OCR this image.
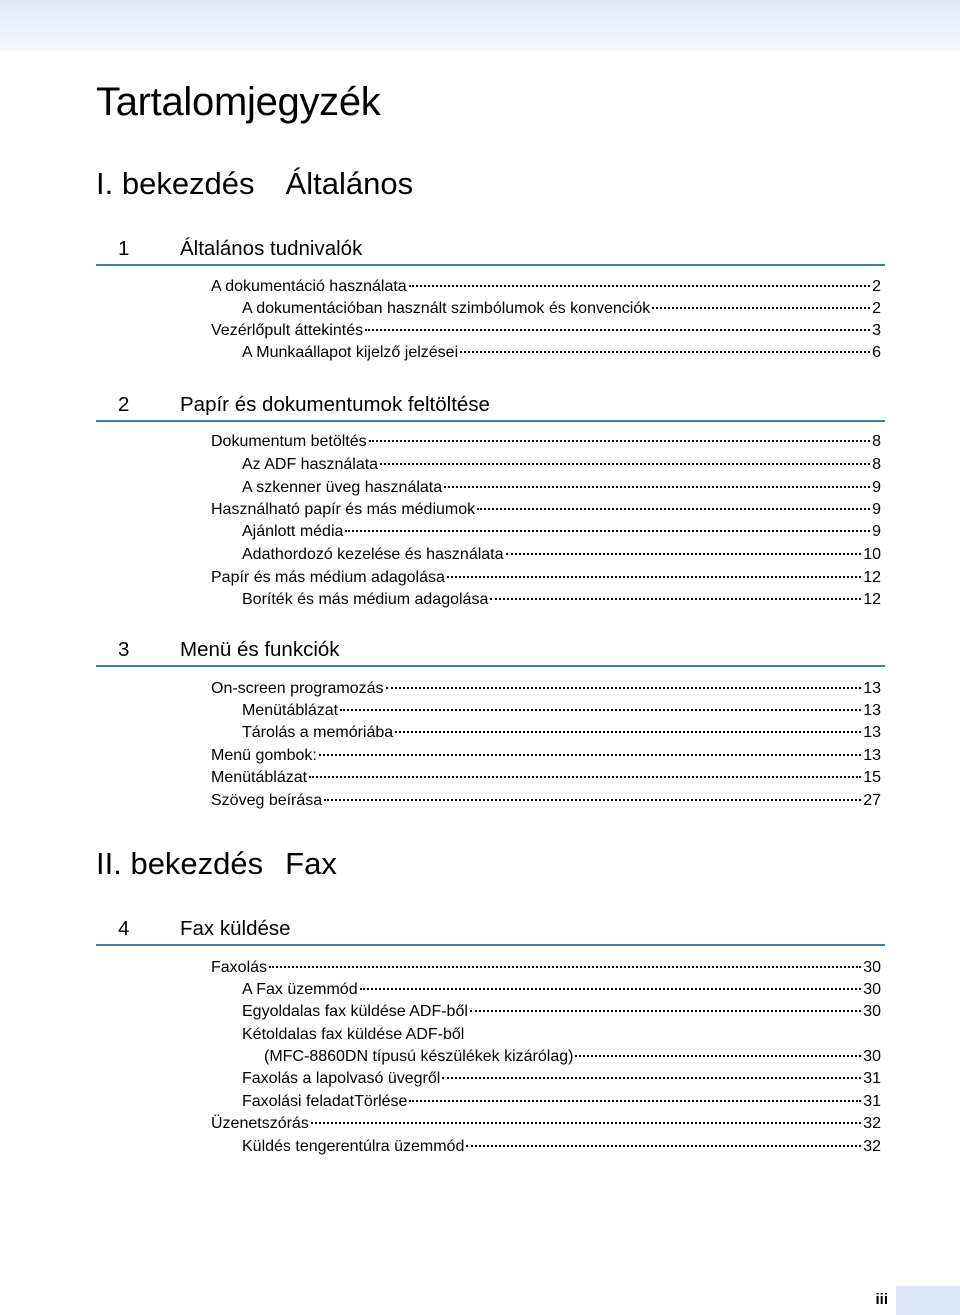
Tartalomjegyzék
I. bekezdés Általános
1 Általános tudnivalók
A dokumentáció használata	2
A dokumentációban használt szimbólumok és konvenciók	2
Vezérlőpult áttekintés	3
A Munkaállapot kijelző jelzései	6
2 Papír és dokumentumok feltöltése
Dokumentum betöltés	8
Az ADF használata	8
A szkenner üveg használata	9
Használható papír és más médiumok	9
Ajánlott média	9
Adathordozó kezelése és használata	10
Papír és más médium adagolása	12
Boríték és más médium adagolása	12
3 Menü és funkciók
On-screen programozás	13
Menütáblázat	13
Tárolás a memóriába	13
Menü gombok:	13
Menütáblázat	15
Szöveg beírása	27
II. bekezdés Fax
4 Fax küldése
Faxolás	30
A Fax üzemmód	30
Egyoldalas fax küldése ADF-ből	30
Kétoldalas fax küldése ADF-ből
(MFC-8860DN típusú készülékek kizárólag)	30
Faxolás a lapolvasó üvegről	31
Faxolási feladatTörlése	31
Üzenetszórás	32
Küldés tengerentúlra üzemmód	32
iii
